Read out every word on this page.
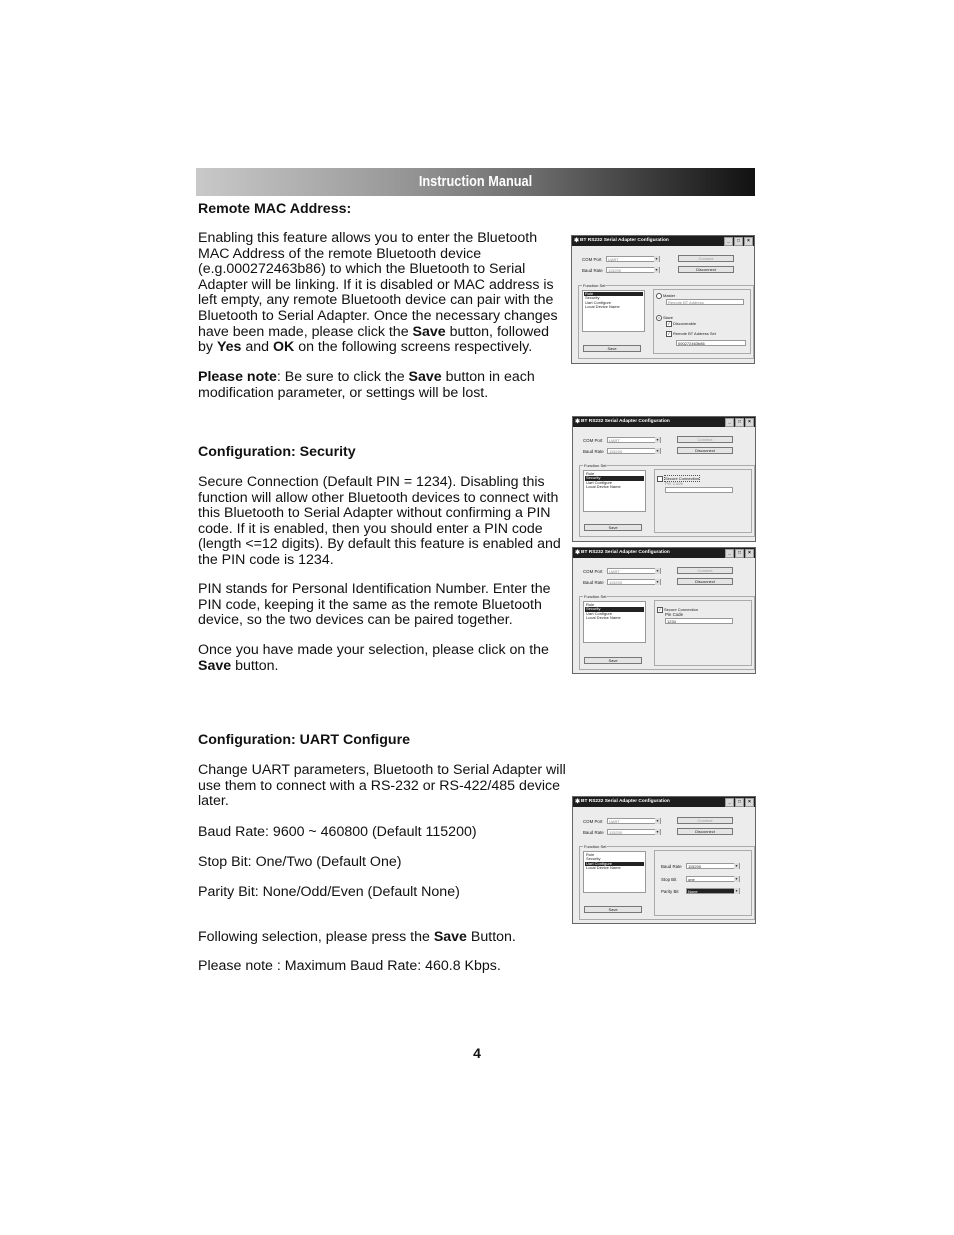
Instruction Manual
Remote MAC Address:
Enabling this feature allows you to enter the Bluetooth MAC Address of the remote Bluetooth device (e.g.000272463b86) to which the Bluetooth to Serial Adapter will be linking. If it is disabled or MAC address is left empty, any remote Bluetooth device can pair with the Bluetooth to Serial Adapter. Once the necessary changes have been made, please click the Save button, followed by Yes and OK on the following screens respectively.
Please note: Be sure to click the Save button in each modification parameter, or settings will be lost.
Configuration: Security
Secure Connection (Default PIN = 1234). Disabling this function will allow other Bluetooth devices to connect with this Bluetooth to Serial Adapter without confirming a PIN code. If it is enabled, then you should enter a PIN code (length <=12 digits). By default this feature is enabled and the PIN code is 1234.
PIN stands for Personal Identification Number. Enter the PIN code, keeping it the same as the remote Bluetooth device, so the two devices can be paired together.
Once you have made your selection, please click on the Save button.
Configuration: UART Configure
Change UART parameters, Bluetooth to Serial Adapter will use them to connect with a RS-232 or RS-422/485 device later.
Baud Rate: 9600 ~ 460800 (Default 115200)
Stop Bit: One/Two (Default One)
Parity Bit: None/Odd/Even (Default None)
Following selection, please press the Save Button.
Please note : Maximum Baud Rate: 460.8 Kbps.
4
✱ BT RS232 Serial Adapter Configuration	_	□	×
COM Port	UART ▾
Baud Rate	115200 ▾
Connect
Disconnect
Function Set
Role
Security
Uart Configure
Local Device Name
Save
Master
Remote BT Address
• Slave
✓ Discoverable
✓ Remote BT Address Set
000272463b86
✱ BT RS232 Serial Adapter Configuration	_	□	×
COM Port	UART ▾
Baud Rate	115200 ▾
Connect
Disconnect
Function Set
Role
Security
Uart Configure
Local Device Name
Save
Secure Connection
Pin Code
✱ BT RS232 Serial Adapter Configuration	_	□	×
COM Port	UART ▾
Baud Rate	115200 ▾
Connect
Disconnect
Function Set
Role
Security
Uart Configure
Local Device Name
Save
✓ Secure Connection
Pin Code
1234
✱ BT RS232 Serial Adapter Configuration	_	□	×
COM Port	UART ▾
Baud Rate	115200 ▾
Connect
Disconnect
Function Set
Role
Security
Uart Configure
Local Device Name
Save
Baud Rate	115200 ▾
Stop Bit	one ▾
Parity Bit	None ▾
